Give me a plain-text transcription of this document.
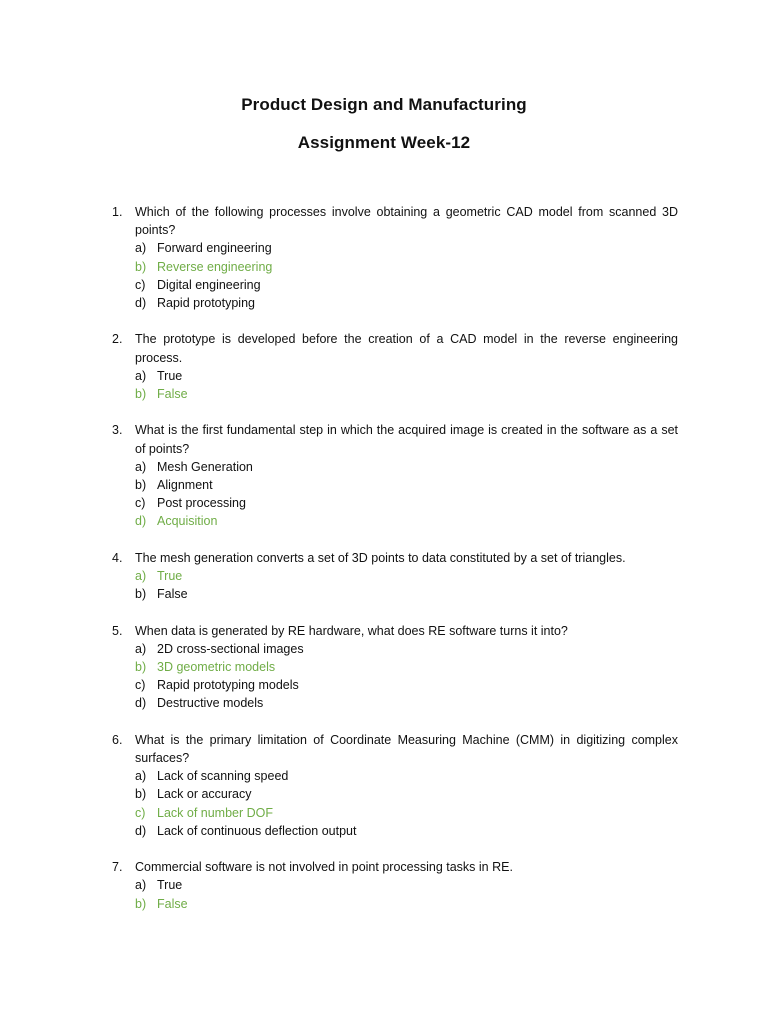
Product Design and Manufacturing
Assignment Week-12
1.	Which of the following processes involve obtaining a geometric CAD model from scanned 3D points?
a) Forward engineering
b) Reverse engineering
c) Digital engineering
d) Rapid prototyping
2.	The prototype is developed before the creation of a CAD model in the reverse engineering process.
a) True
b) False
3.	What is the first fundamental step in which the acquired image is created in the software as a set of points?
a) Mesh Generation
b) Alignment
c) Post processing
d) Acquisition
4.	The mesh generation converts a set of 3D points to data constituted by a set of triangles.
a) True
b) False
5.	When data is generated by RE hardware, what does RE software turns it into?
a) 2D cross-sectional images
b) 3D geometric models
c) Rapid prototyping models
d) Destructive models
6.	What is the primary limitation of Coordinate Measuring Machine (CMM) in digitizing complex surfaces?
a) Lack of scanning speed
b) Lack or accuracy
c) Lack of number DOF
d) Lack of continuous deflection output
7.	Commercial software is not involved in point processing tasks in RE.
a) True
b) False
